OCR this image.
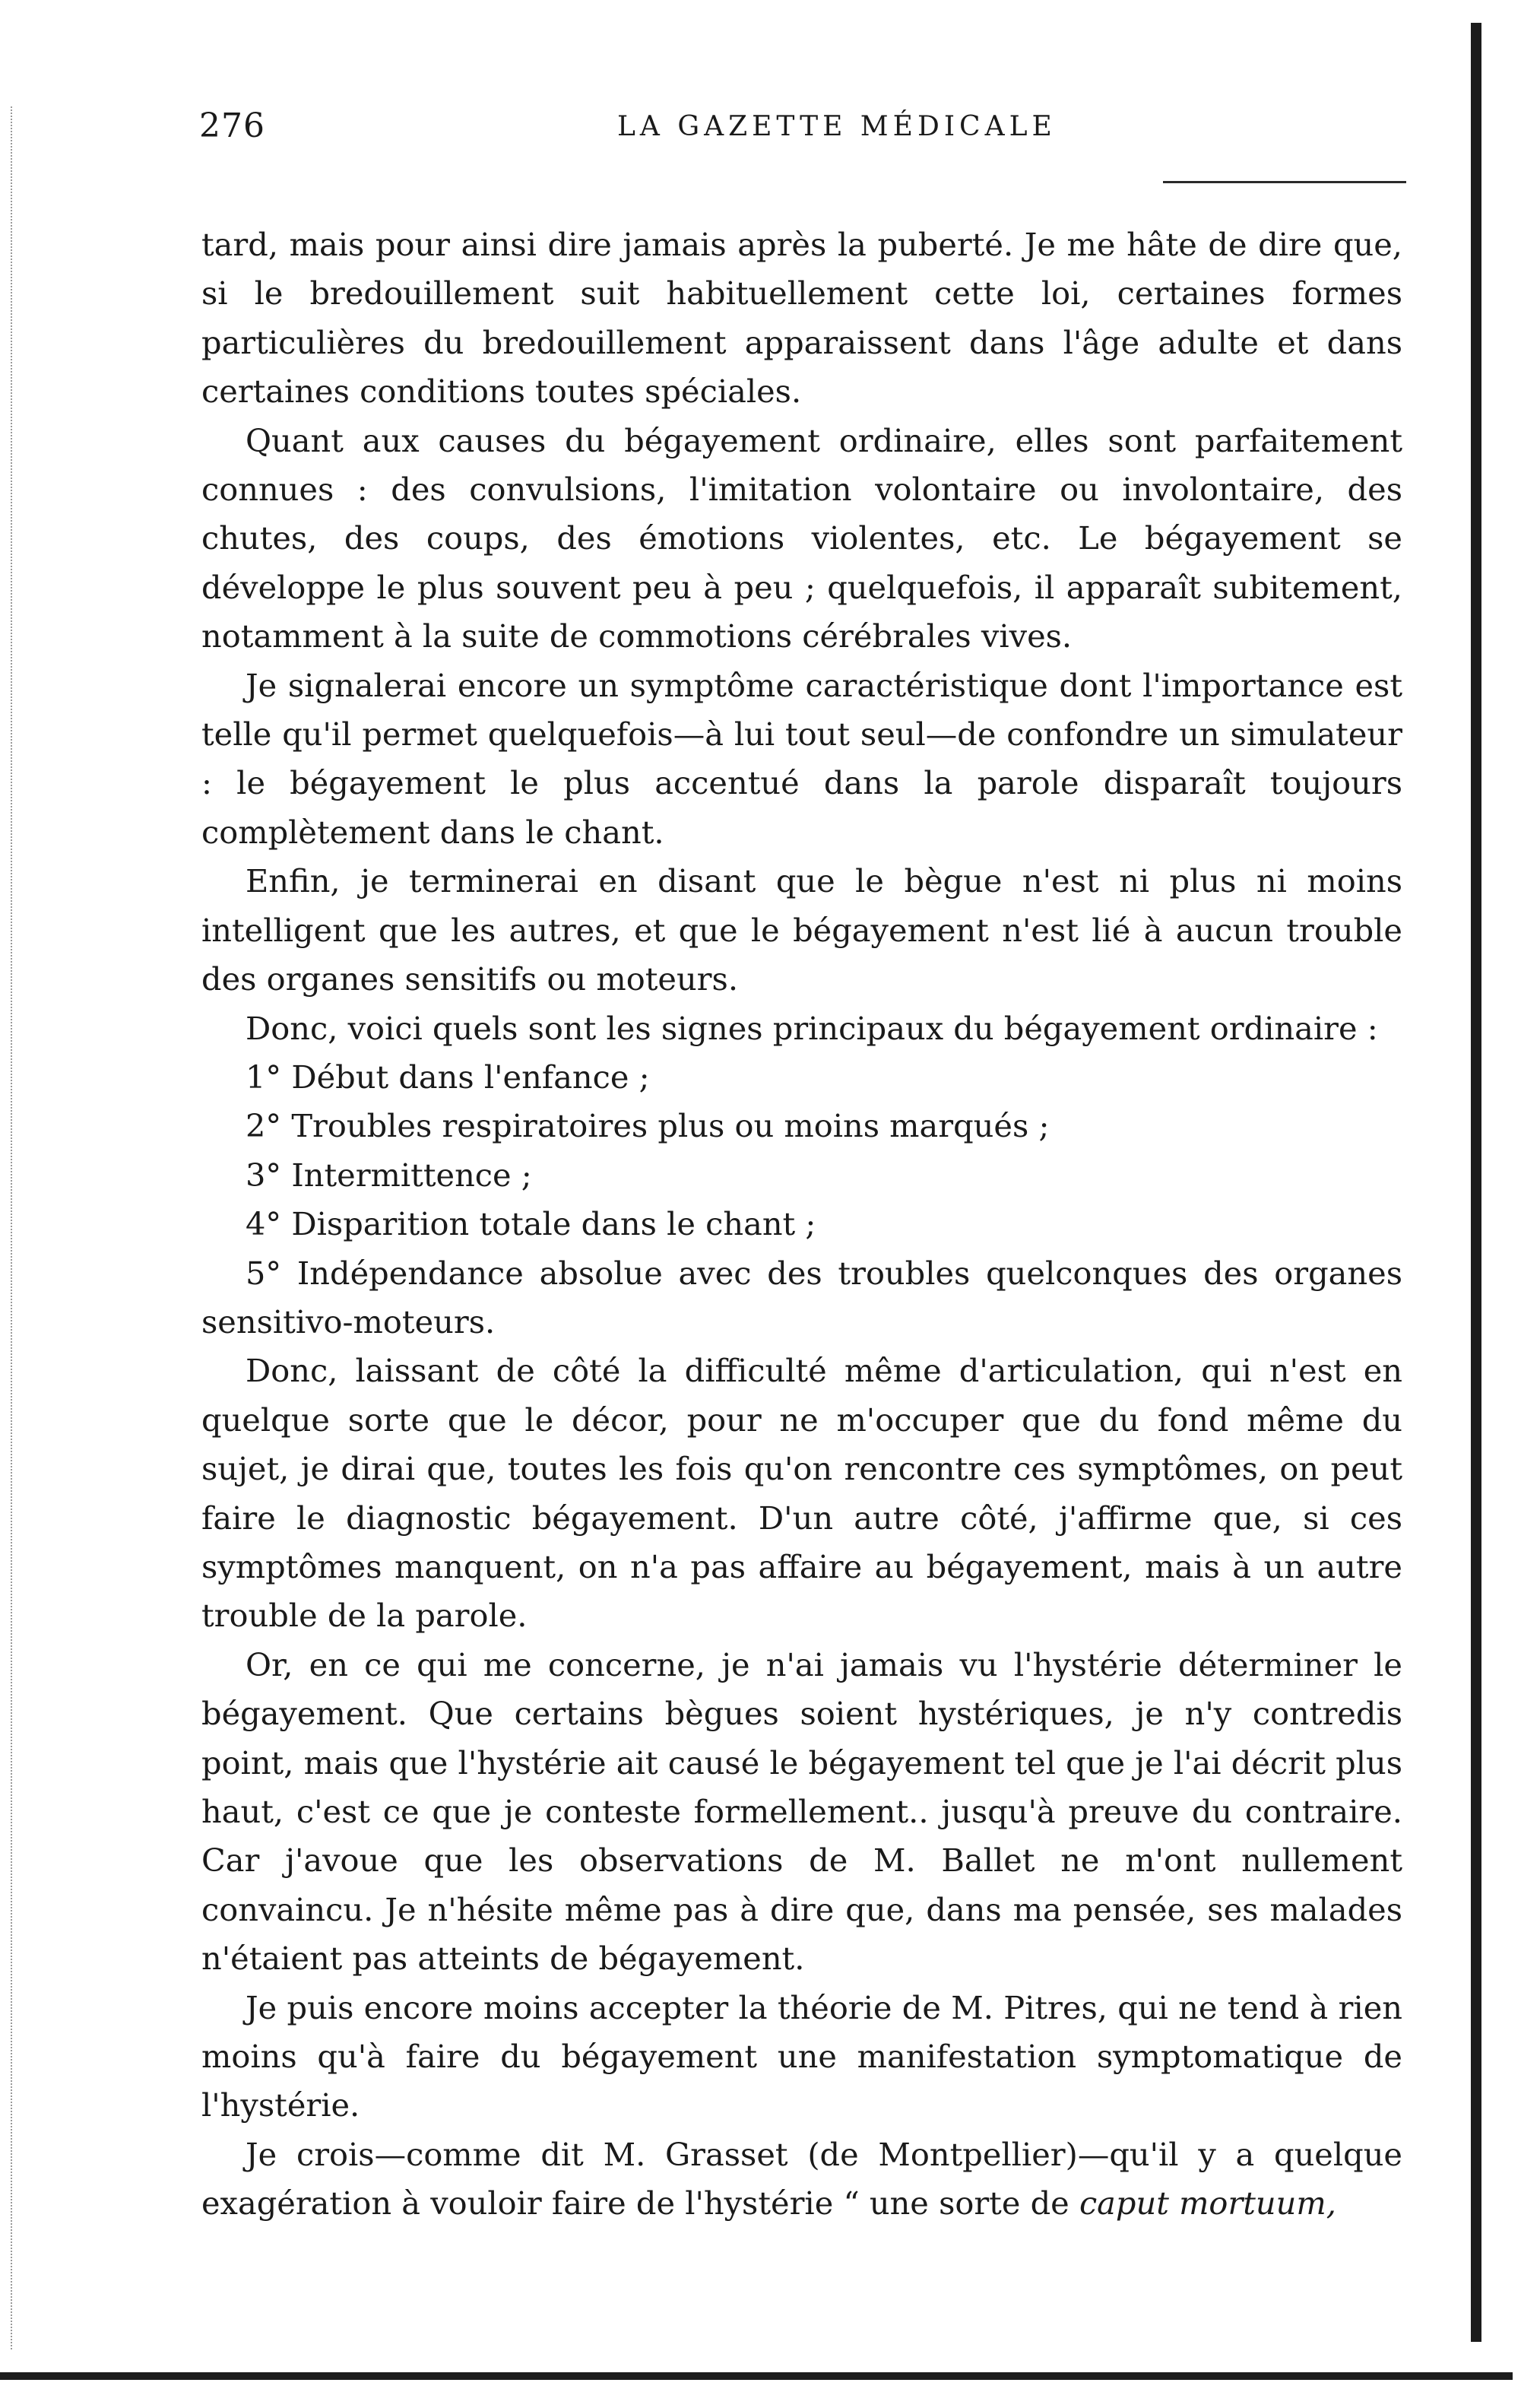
276	LA GAZETTE MÉDICALE

tard, mais pour ainsi dire jamais après la puberté. Je me hâte de dire que, si le bredouillement suit habituellement cette loi, certaines formes particulières du bredouillement apparaissent dans l'âge adulte et dans certaines conditions toutes spéciales.

Quant aux causes du bégayement ordinaire, elles sont parfaitement connues : des convulsions, l'imitation volontaire ou involontaire, des chutes, des coups, des émotions violentes, etc. Le bégayement se développe le plus souvent peu à peu ; quelquefois, il apparaît subitement, notamment à la suite de commotions cérébrales vives.

Je signalerai encore un symptôme caractéristique dont l'importance est telle qu'il permet quelquefois—à lui tout seul—de confondre un simulateur : le bégayement le plus accentué dans la parole disparaît toujours complètement dans le chant.

Enfin, je terminerai en disant que le bègue n'est ni plus ni moins intelligent que les autres, et que le bégayement n'est lié à aucun trouble des organes sensitifs ou moteurs.

Donc, voici quels sont les signes principaux du bégayement ordinaire :

1° Début dans l'enfance ;

2° Troubles respiratoires plus ou moins marqués ;

3° Intermittence ;

4° Disparition totale dans le chant ;

5° Indépendance absolue avec des troubles quelconques des organes sensitivo-moteurs.

Donc, laissant de côté la difficulté même d'articulation, qui n'est en quelque sorte que le décor, pour ne m'occuper que du fond même du sujet, je dirai que, toutes les fois qu'on rencontre ces symptômes, on peut faire le diagnostic bégayement. D'un autre côté, j'affirme que, si ces symptômes manquent, on n'a pas affaire au bégayement, mais à un autre trouble de la parole.

Or, en ce qui me concerne, je n'ai jamais vu l'hystérie déterminer le bégayement. Que certains bègues soient hystériques, je n'y contredis point, mais que l'hystérie ait causé le bégayement tel que je l'ai décrit plus haut, c'est ce que je conteste formellement.. jusqu'à preuve du contraire. Car j'avoue que les observations de M. Ballet ne m'ont nullement convaincu. Je n'hésite même pas à dire que, dans ma pensée, ses malades n'étaient pas atteints de bégayement.

Je puis encore moins accepter la théorie de M. Pitres, qui ne tend à rien moins qu'à faire du bégayement une manifestation symptomatique de l'hystérie.

Je crois—comme dit M. Grasset (de Montpellier)—qu'il y a quelque exagération à vouloir faire de l'hystérie “ une sorte de caput mortuum,
